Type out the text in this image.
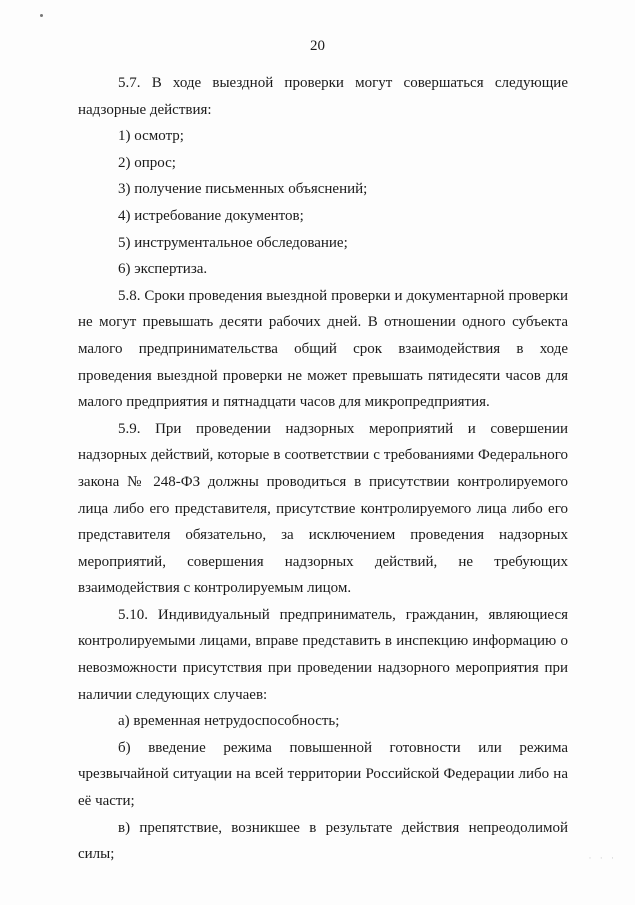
20

5.7. В ходе выездной проверки могут совершаться следующие надзорные действия:

1) осмотр;

2) опрос;

3) получение письменных объяснений;

4) истребование документов;

5) инструментальное обследование;

6) экспертиза.

5.8. Сроки проведения выездной проверки и документарной проверки не могут превышать десяти рабочих дней. В отношении одного субъекта малого предпринимательства общий срок взаимодействия в ходе проведения выездной проверки не может превышать пятидесяти часов для малого предприятия и пятнадцати часов для микропредприятия.

5.9. При проведении надзорных мероприятий и совершении надзорных действий, которые в соответствии с требованиями Федерального закона № 248-ФЗ должны проводиться в присутствии контролируемого лица либо его представителя, присутствие контролируемого лица либо его представителя обязательно, за исключением проведения надзорных мероприятий, совершения надзорных действий, не требующих взаимодействия с контролируемым лицом.

5.10. Индивидуальный предприниматель, гражданин, являющиеся контролируемыми лицами, вправе представить в инспекцию информацию о невозможности присутствия при проведении надзорного мероприятия при наличии следующих случаев:

а) временная нетрудоспособность;

б) введение режима повышенной готовности или режима чрезвычайной ситуации на всей территории Российской Федерации либо на её части;

в) препятствие, возникшее в результате действия непреодолимой силы;	· · ·
